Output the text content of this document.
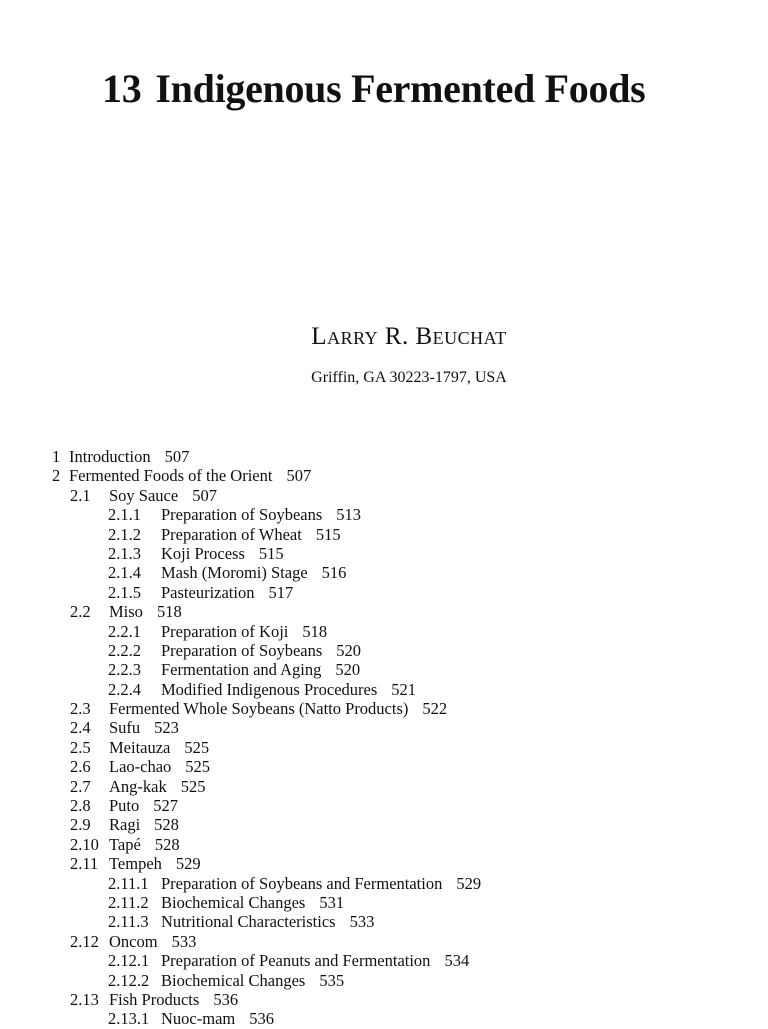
13 Indigenous Fermented Foods
Larry R. Beuchat
Griffin, GA 30223-1797, USA
1 Introduction 507
2 Fermented Foods of the Orient 507
2.1 Soy Sauce 507
2.1.1 Preparation of Soybeans 513
2.1.2 Preparation of Wheat 515
2.1.3 Koji Process 515
2.1.4 Mash (Moromi) Stage 516
2.1.5 Pasteurization 517
2.2 Miso 518
2.2.1 Preparation of Koji 518
2.2.2 Preparation of Soybeans 520
2.2.3 Fermentation and Aging 520
2.2.4 Modified Indigenous Procedures 521
2.3 Fermented Whole Soybeans (Natto Products) 522
2.4 Sufu 523
2.5 Meitauza 525
2.6 Lao-chao 525
2.7 Ang-kak 525
2.8 Puto 527
2.9 Ragi 528
2.10 Tapé 528
2.11 Tempeh 529
2.11.1 Preparation of Soybeans and Fermentation 529
2.11.2 Biochemical Changes 531
2.11.3 Nutritional Characteristics 533
2.12 Oncom 533
2.12.1 Preparation of Peanuts and Fermentation 534
2.12.2 Biochemical Changes 535
2.13 Fish Products 536
2.13.1 Nuoc-mam 536
